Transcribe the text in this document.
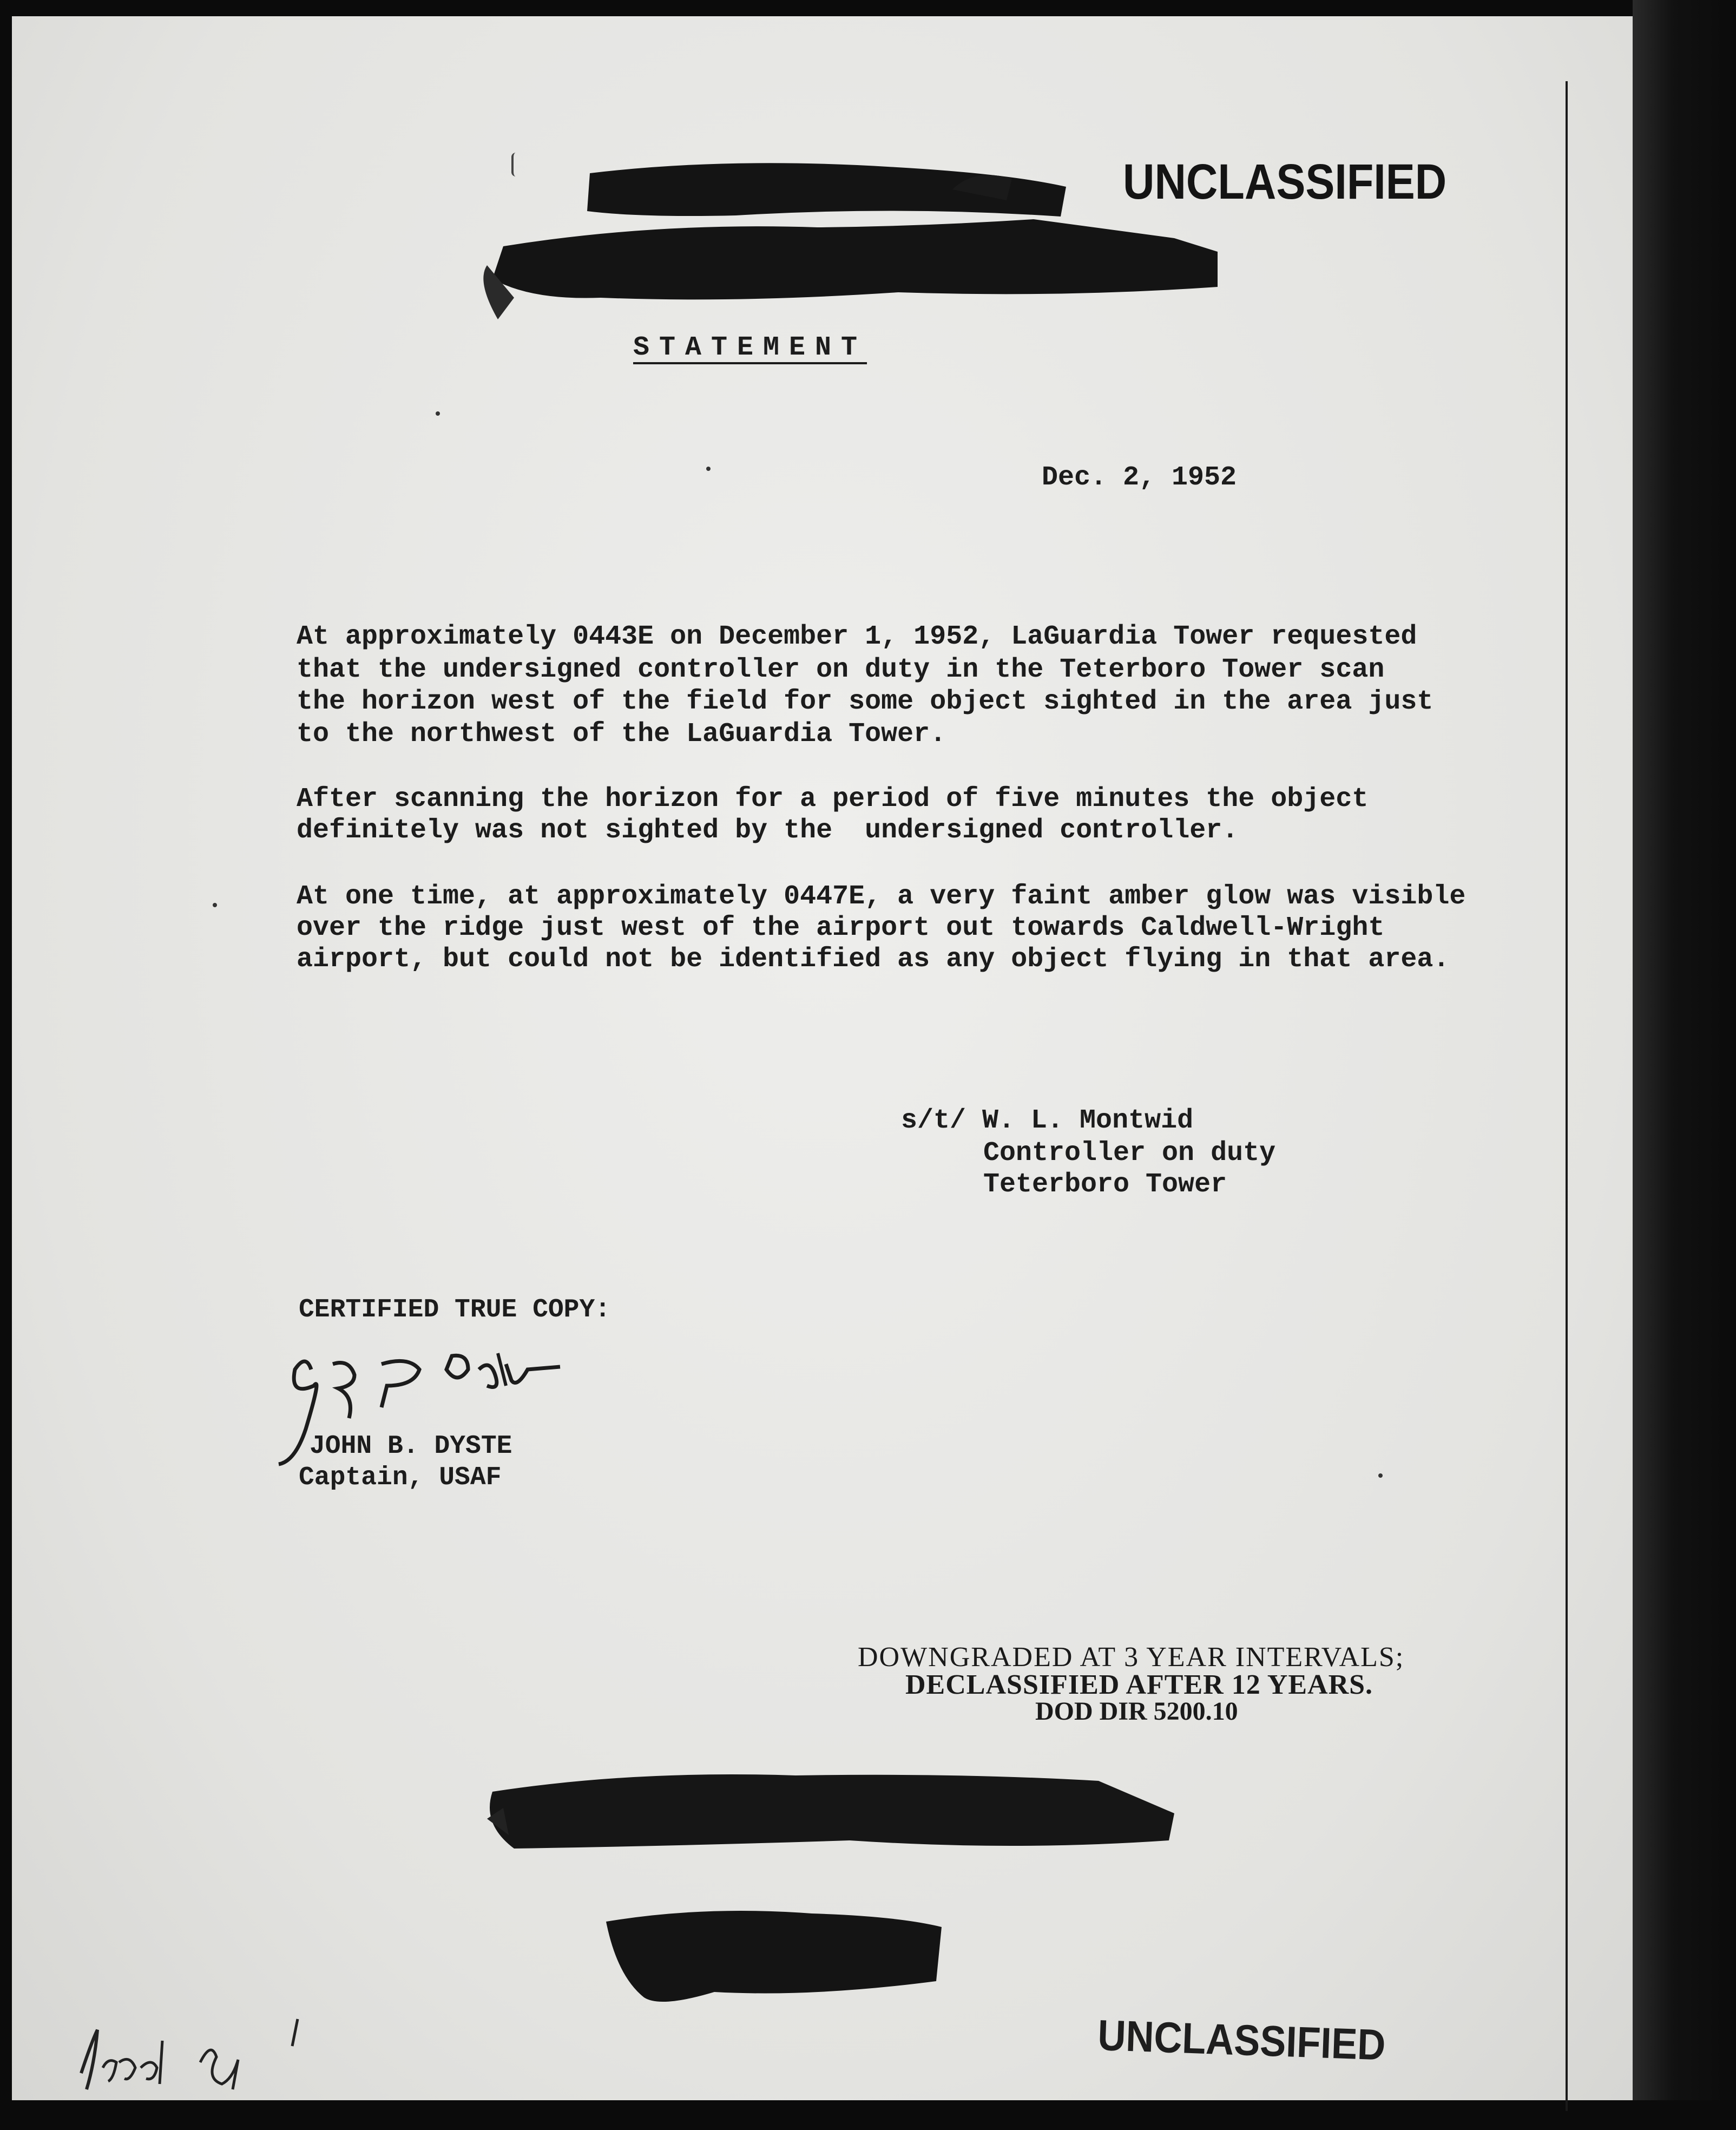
UNCLASSIFIED
STATEMENT
Dec. 2, 1952
At approximately 0443E on December 1, 1952, LaGuardia Tower requested
that the undersigned controller on duty in the Teterboro Tower scan
the horizon west of the field for some object sighted in the area just
to the northwest of the LaGuardia Tower.
After scanning the horizon for a period of five minutes the object
definitely was not sighted by the  undersigned controller.
At one time, at approximately 0447E, a very faint amber glow was visible
over the ridge just west of the airport out towards Caldwell-Wright
airport, but could not be identified as any object flying in that area.
s/t/ W. L. Montwid
Controller on duty
Teterboro Tower
CERTIFIED TRUE COPY:
JOHN B. DYSTE
Captain, USAF
DOWNGRADED AT 3 YEAR INTERVALS;
DECLASSIFIED AFTER 12 YEARS.
DOD DIR 5200.10
UNCLASSIFIED
